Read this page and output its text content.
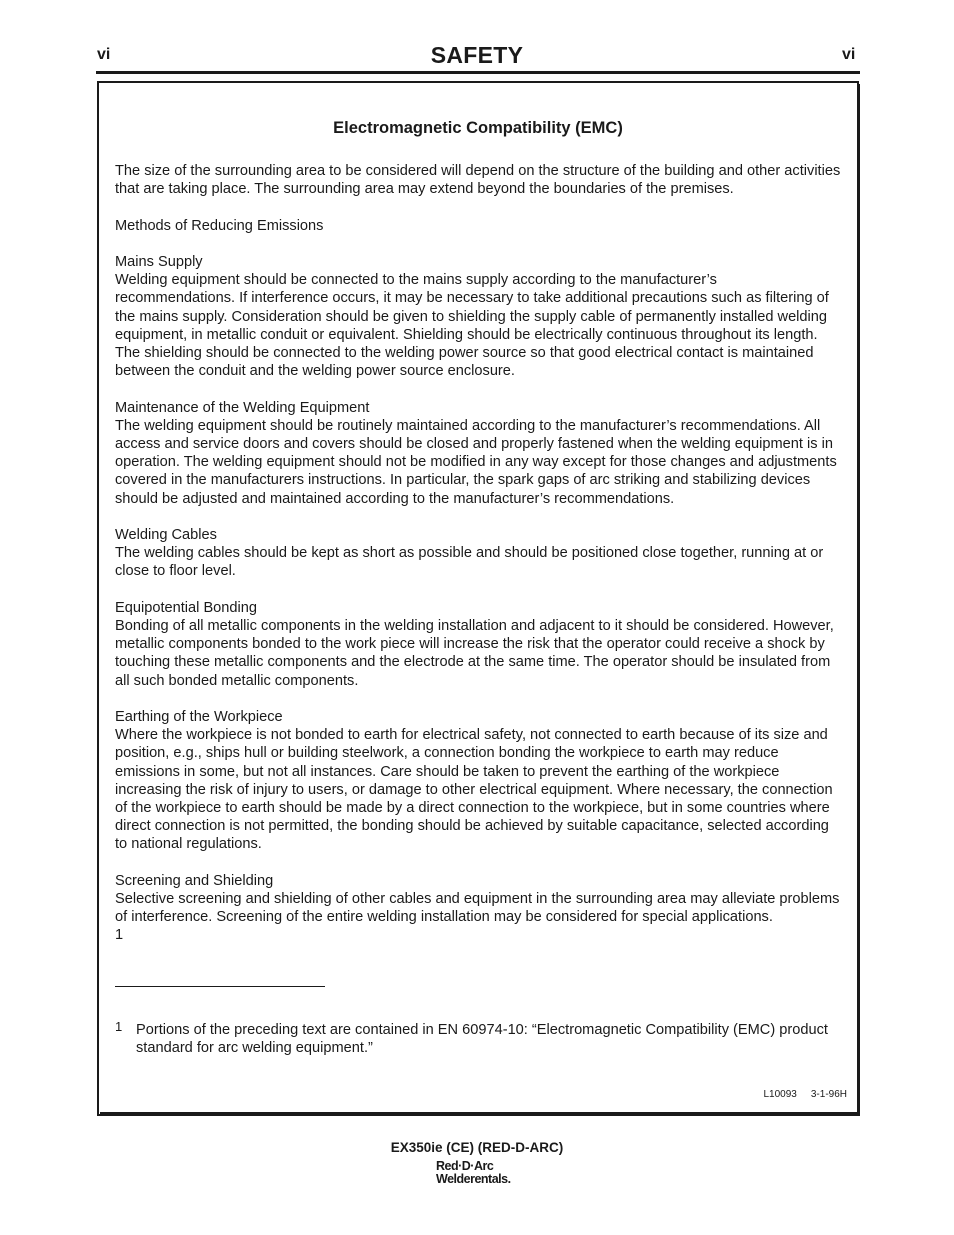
vi	SAFETY	vi
Electromagnetic Compatibility (EMC)
The size of the surrounding area to be considered will depend on the structure of the building and other activities that are taking place. The surrounding area may extend beyond the boundaries of the premises.
Methods of Reducing Emissions
Mains Supply
Welding equipment should be connected to the mains supply according to the manufacturer’s recommendations. If interference occurs, it may be necessary to take additional precautions such as filtering of the mains supply. Consideration should be given to shielding the supply cable of permanently installed welding equipment, in metallic conduit or equivalent. Shielding should be electrically continuous throughout its length. The shielding should be connected to the welding power source so that good electrical contact is maintained between the conduit and the welding power source enclosure.
Maintenance of the Welding Equipment
The welding equipment should be routinely maintained according to the manufacturer’s recommendations. All access and service doors and covers should be closed and properly fastened when the welding equipment is in operation. The welding equipment should not be modified in any way except for those changes and adjustments covered in the manufacturers instructions. In particular, the spark gaps of arc striking and stabilizing devices should be adjusted and maintained according to the manufacturer’s recommendations.
Welding Cables
The welding cables should be kept as short as possible and should be positioned close together, running at or close to floor level.
Equipotential Bonding
Bonding of all metallic components in the welding installation and adjacent to it should be considered. However, metallic components bonded to the work piece will increase the risk that the operator could receive a shock by touching these metallic components and the electrode at the same time. The operator should be insulated from all such bonded metallic components.
Earthing of the Workpiece
Where the workpiece is not bonded to earth for electrical safety, not connected to earth because of its size and position, e.g., ships hull or building steelwork, a connection bonding the workpiece to earth may reduce emissions in some, but not all instances. Care should be taken to prevent the earthing of the workpiece increasing the risk of injury to users, or damage to other electrical equipment. Where necessary, the connection of the workpiece to earth should be made by a direct connection to the workpiece, but in some countries where direct connection is not permitted, the bonding should be achieved by suitable capacitance, selected according to national regulations.
Screening and Shielding
Selective screening and shielding of other cables and equipment in the surrounding area may alleviate problems of interference. Screening of the entire welding installation may be considered for special applications.
1
1 Portions of the preceding text are contained in EN 60974-10: “Electromagnetic Compatibility (EMC) product standard for arc welding equipment.”
L10093 3-1-96H
EX350ie (CE) (RED-D-ARC)
Red·D·Arc
Welderentals.
